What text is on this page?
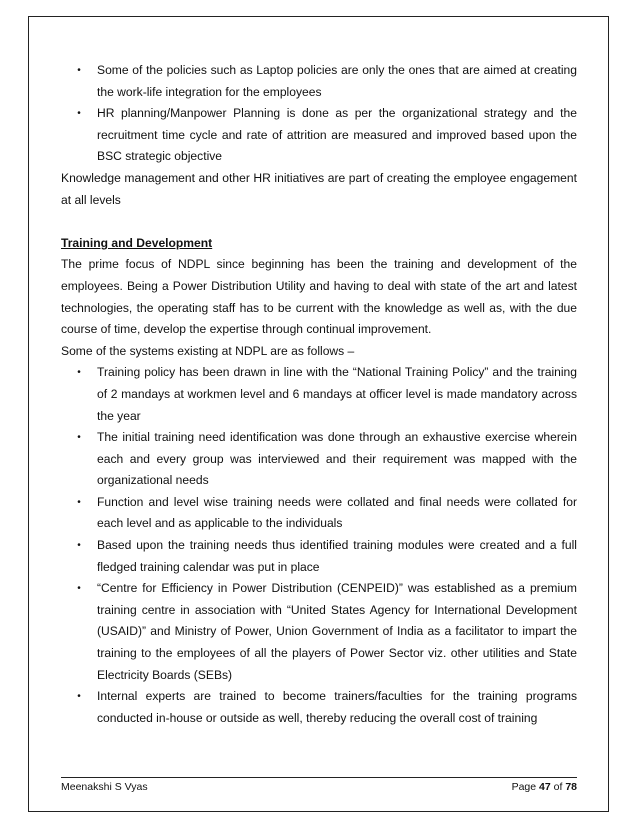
•	Some of the policies such as Laptop policies are only the ones that are aimed at creating the work-life integration for the employees
•	HR planning/Manpower Planning is done as per the organizational strategy and the recruitment time cycle and rate of attrition are measured and improved based upon the BSC strategic objective

Knowledge management and other HR initiatives are part of creating the employee engagement at all levels

Training and Development

The prime focus of NDPL since beginning has been the training and development of the employees. Being a Power Distribution Utility and having to deal with state of the art and latest technologies, the operating staff has to be current with the knowledge as well as, with the due course of time, develop the expertise through continual improvement.

Some of the systems existing at NDPL are as follows –

•	Training policy has been drawn in line with the “National Training Policy” and the training of 2 mandays at workmen level and 6 mandays at officer level is made mandatory across the year
•	The initial training need identification was done through an exhaustive exercise wherein each and every group was interviewed and their requirement was mapped with the organizational needs
•	Function and level wise training needs were collated and final needs were collated for each level and as applicable to the individuals
•	Based upon the training needs thus identified training modules were created and a full fledged training calendar was put in place
•	“Centre for Efficiency in Power Distribution (CENPEID)” was established as a premium training centre in association with “United States Agency for International Development (USAID)” and Ministry of Power, Union Government of India as a facilitator to impart the training to the employees of all the players of Power Sector viz. other utilities and State Electricity Boards (SEBs)
•	Internal experts are trained to become trainers/faculties for the training programs conducted in-house or outside as well, thereby reducing the overall cost of training
Meenakshi S Vyas	Page 47 of 78
